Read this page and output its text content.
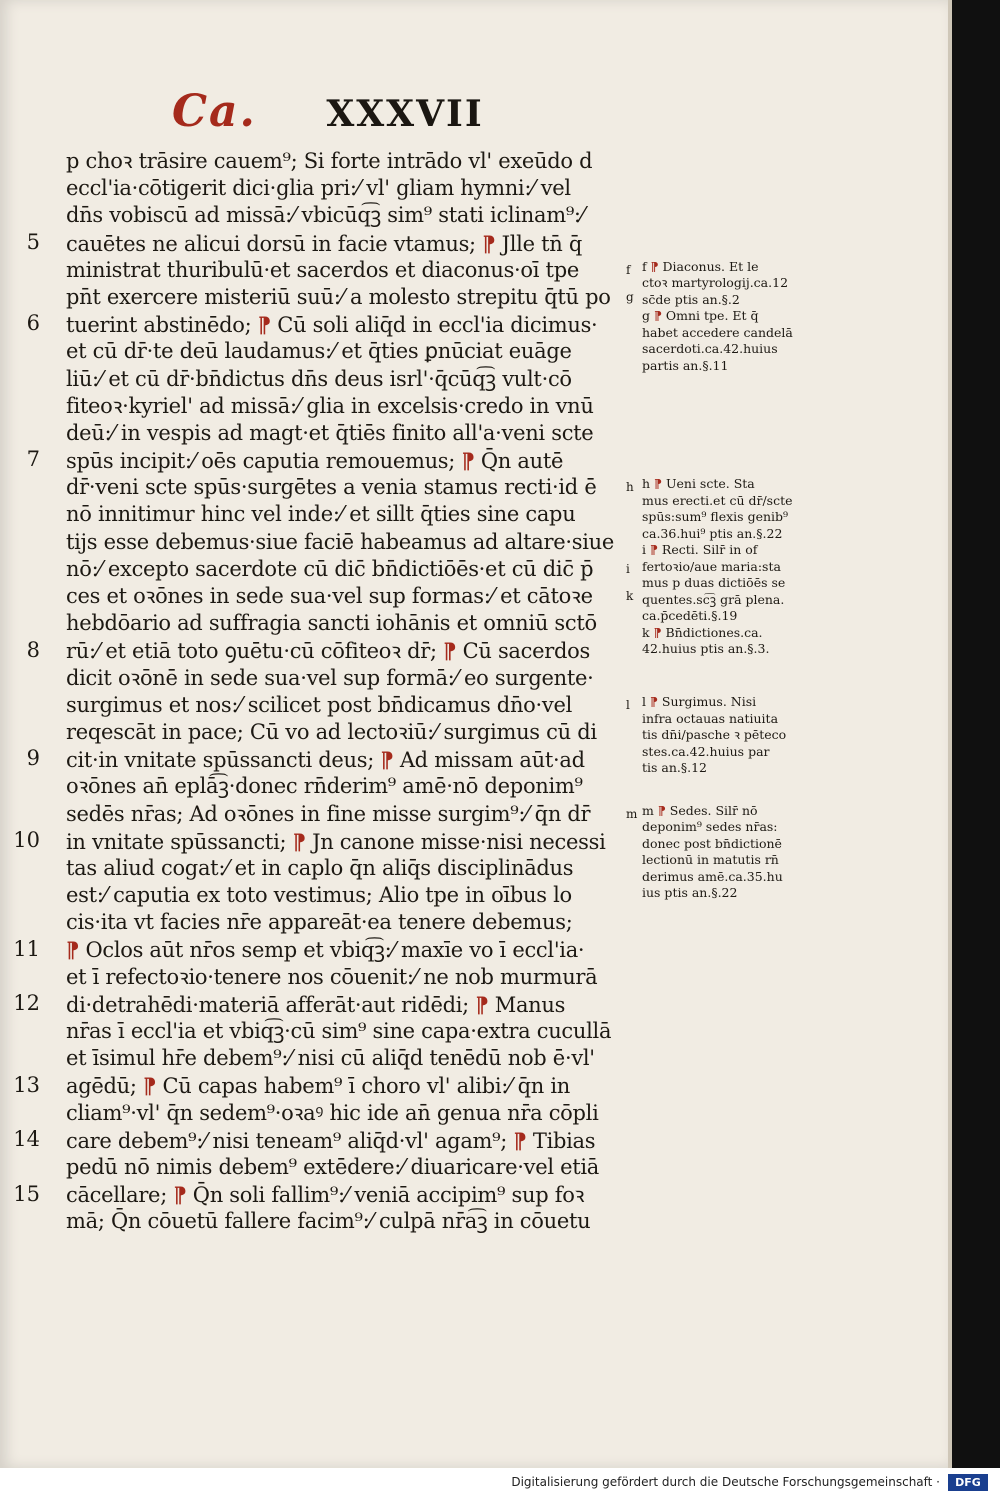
Ca. XXXVII
5
6
7
8
9
10
11
12
13
14
15
p choꝛ trāsire cauem⁹; Si forte intrādo vl' exeūdo d
eccl'ia·cōtigerit dici·glia pri:⁄ vl' gliam hymni:⁄ vel
dn̄s vobiscū ad missā:⁄ vbicūq͡ꝫ sim⁹ stati iclinam⁹:⁄
cauētes ne alicui dorsū in facie vtamus; ⁋ Jlle tn̄ q̄
ministrat thuribulū·et sacerdos et diaconus·oī tpe
pn̄t exercere misteriū suū:⁄ a molesto strepitu q̄tū po
tuerint abstinēdo; ⁋ Cū soli aliq̄d in eccl'ia dicimus·
et cū dr̄·te deū laudamus:⁄ et q̄ties ꝑnūciat euāge
liū:⁄ et cū dr̄·bn̄dictus dn̄s deus isrl'·q̄cūq͡ꝫ vult·cō
fiteoꝛ·kyriel' ad missā:⁄ glia in excelsis·credo in vnū
deū:⁄ in vespis ad magt·et q̄tiēs finito all'a·veni scte
spūs incipit:⁄ oēs caputia remouemus; ⁋ Q̄n autē
dr̄·veni scte spūs·surgētes a venia stamus recti·id ē
nō innitimur hinc vel inde:⁄ et sillt q̄ties sine capu
tijs esse debemus·siue faciē habeamus ad altare·siue
nō:⁄ excepto sacerdote cū dic̄ bn̄dictiōēs·et cū dic̄ p̄
ces et oꝛōnes in sede sua·vel sup formas:⁄ et cātoꝛe
hebdōario ad suffragia sancti iohānis et omniū sctō
rū:⁄ et etiā toto ꝯuētu·cū cōfiteoꝛ dr̄; ⁋ Cū sacerdos
dicit oꝛōnē in sede sua·vel sup formā:⁄ eo surgente·
surgimus et nos:⁄ scilicet post bn̄dicamus dn̄o·vel
reqescāt in pace; Cū vo ad lectoꝛiū:⁄ surgimus cū di
cit·in vnitate spūssancti deus; ⁋ Ad missam aūt·ad
oꝛōnes an̄ eplā͡ꝫ·donec rn̄derim⁹ amē·nō deponim⁹
sedēs nr̄as; Ad oꝛōnes in fine misse surgim⁹:⁄ q̄n dr̄
in vnitate spūssancti; ⁋ Jn canone misse·nisi necessi
tas aliud cogat:⁄ et in caplo q̄n aliq̄s disciplinādus
est:⁄ caputia ex toto vestimus; Alio tpe in oībus lo
cis·ita vt facies nr̄e appareāt·ea tenere debemus;
⁋ Oclos aūt nr̄os semp et vbiq͡ꝫ:⁄ maxīe vo ī eccl'ia·
et ī refectoꝛio·tenere nos cōuenit:⁄ ne nob murmurā
di·detrahēdi·materiā afferāt·aut ridēdi; ⁋ Manus
nr̄as ī eccl'ia et vbiq͡ꝫ·cū sim⁹ sine capa·extra cucullā
et īsimul hr̄e debem⁹:⁄ nisi cū aliq̄d tenēdū nob ē·vl'
agēdū; ⁋ Cū capas habem⁹ ī choro vl' alibi:⁄ q̄n in
cliam⁹·vl' q̄n sedem⁹·oꝛaꝰ hic ide an̄ genua nr̄a cōpli
care debem⁹:⁄ nisi teneam⁹ aliq̄d·vl' agam⁹; ⁋ Tibias
pedū nō nimis debem⁹ extēdere:⁄ diuaricare·vel etiā
cācellare; ⁋ Q̄n soli fallim⁹:⁄ veniā accipim⁹ sup foꝛ
mā; Q̄n cōuetū fallere facim⁹:⁄ culpā nr̄a͡ꝫ in cōuetu
f
g
h
i
k
l
m
f ⁋ Diaconus. Et le
ctoꝛ martyrologij.ca.12
sc̄de ptis an.§.2
g ⁋ Omni tpe. Et q̄
habet accedere candelā
sacerdoti.ca.42.huius
partis an.§.11
h ⁋ Ueni scte. Sta
mus erecti.et cū dr̄/scte
spūs:sum⁹ flexis genib⁹
ca.36.hui⁹ ptis an.§.22
i ⁋ Recti. Silr̄ in of
fertoꝛio/aue maria:sta
mus p duas dictiōēs se
quentes.sc͡ꝫ grā plena.
ca.p̄cedēti.§.19
k ⁋ Bn̄dictiones.ca.
42.huius ptis an.§.3.
l ⁋ Surgimus. Nisi
infra octauas natiuita
tis dn̄i/pasche ꝛ pēteco
stes.ca.42.huius par
tis an.§.12
m ⁋ Sedes. Silr̄ nō
deponim⁹ sedes nr̄as:
donec post bn̄dictionē
lectionū in matutis rn̄
derimus amē.ca.35.hu
ius ptis an.§.22
Digitalisierung gefördert durch die Deutsche Forschungsgemeinschaft ·	DFG
